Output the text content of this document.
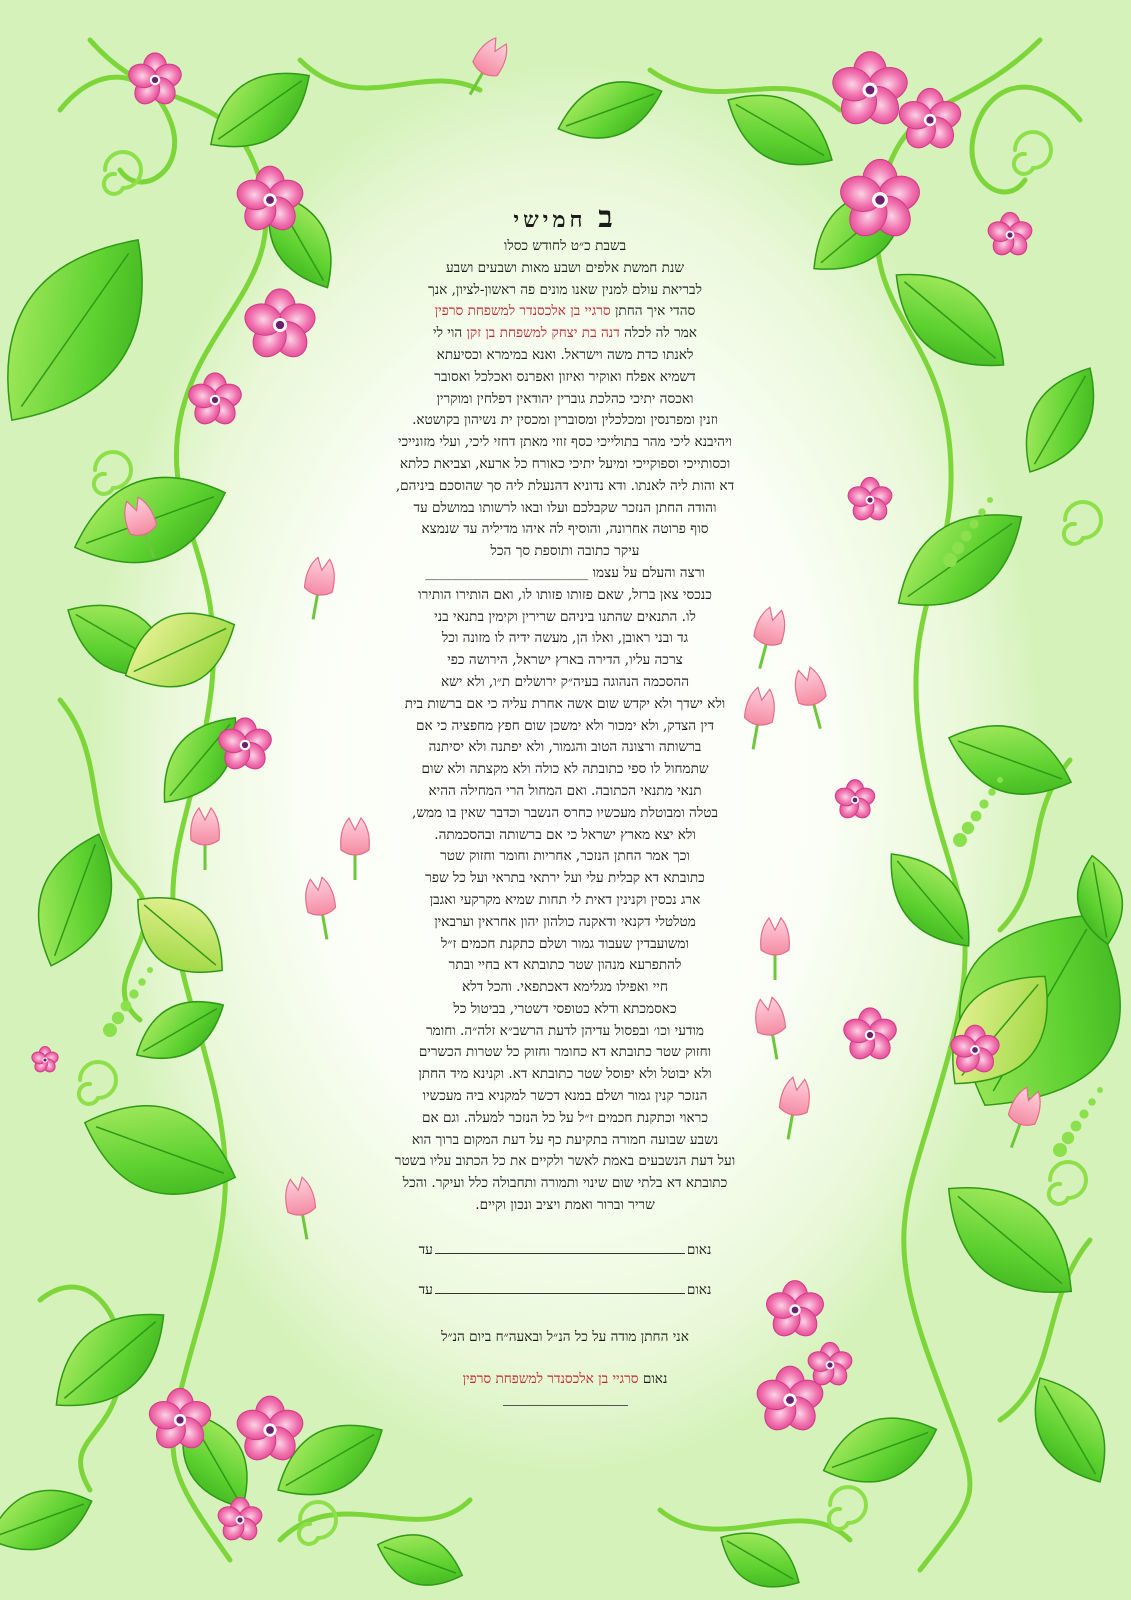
ב חמישי
בשבת כ״ט לחודש כסלו
שנת חמשת אלפים ושבע מאות ושבעים ושבע
לבריאת עולם למנין שאנו מונים פה ראשון-לציון, אנך
סהדי איך החתן סרגיי בן אלכסנדר למשפחת סרפין
אמר לה לכלה דנה בת יצחק למשפחת בן זקן הוי לי
לאנתו כדת משה וישראל. ואנא במימרא וכסיעתא
דשמיא אפלח ואוקיר ואיזון ואפרנס ואכלכל ואסובר
ואכסה יתיכי כהלכת גוברין יהודאין דפלחין ומוקרין
וזנין ומפרנסין ומכלכלין ומסוברין ומכסין ית נשיהון בקושטא.
ויהיבנא ליכי מהר בתולייכי כסף זוזי מאתן דחזי ליכי, ועלי מזונייכי
וכסותייכי וספוקייכי ומיעל יתיכי כאורח כל ארעא, וצביאת כלתא
דא והות ליה לאנתו. ודא נדוניא דהנעלת ליה סך שהוסכם ביניהם,
והודה החתן הנזכר שקבלכם ועלו ובאו לרשותו במושלם עד
סוף פרוטה אחרונה, והוסיף לה איהו מדיליה עד שנמצא
עיקר כתובה ותוספת סך הכל
ורצה והעלם על עצמו ________________________
כנכסי צאן ברזל, שאם פזותו פזותו לו, ואם הותירו הותירו
לו. התנאים שהתנו ביניהם שרירין וקימין בתנאי בני
גד ובני ראובן, ואלו הן, מעשה ידיה לו מזונה וכל
צרכה עליו, הדירה בארץ ישראל, הירושה כפי
ההסכמה הנהוגה בעיה״ק ירושלים ת״ו, ולא ישא
ולא ישדך ולא יקדש שום אשה אחרת עליה כי אם ברשות בית
דין הצדק, ולא ימכור ולא ימשכן שום חפץ מחפציה כי אם
ברשותה ורצונה הטוב והגמור, ולא יפתנה ולא יסיתנה
שתמחול לו ספי כתובתה לא כולה ולא מקצתה ולא שום
תנאי מתנאי הכתובה. ואם המחול הרי המחילה ההיא
בטלה ומבוטלת מעכשיו כחרס הנשבר וכדבר שאין בו ממש,
ולא יצא מארץ ישראל כי אם ברשותה ובהסכמתה.
וכך אמר החתן הנזכר, אחריות וחומר וחזוק שטר
כתובתא דא קבלית עלי ועל ירתאי בתראי ועל כל שפר
ארג נכסין וקנינין דאית לי תחות שמיא מקרקעי ואגבן
מטלטלי דקנאי ודאקנה כולהון יהון אחראין וערבאין
ומשועבדין שעבוד גמור ושלם כתקנת חכמים ז״ל
להתפרעא מנהון שטר כתובתא דא בחיי ובתר
חיי ואפילו מגלימא דאכתפאי. והכל דלא
כאסמכתא ודלא כטופסי דשטרי, בביטול כל
מודעי וכו׳ ובפסול עדיהן לדעת הרשב״א זלה״ה. וחומר
וחזוק שטר כתובתא דא כחומר וחזוק כל שטרות הכשרים
ולא יבוטל ולא יפוסל שטר כתובתא דא. וקנינא מיד החתן
הנזכר קנין גמור ושלם במנא דכשר למקניא ביה מעכשיו
כראוי וכתקנת חכמים ז״ל על כל הנזכר למעלה. וגם אם
נשבע שבועה חמורה בתקיעת כף על דעת המקום ברוך הוא
ועל דעת הנשבעים באמת לאשר ולקיים את כל הכתוב עליו בשטר
כתובתא דא בלתי שום שינוי ותמורה ותחבולה כלל ועיקר. והכל
שריר וברור ואמת ויציב ונכון וקיים.
נאוםעד
נאוםעד
אני החתן מודה על כל הנ״ל ובאעה״ח ביום הנ״ל
נאום סרגיי בן אלכסנדר למשפחת סרפין
